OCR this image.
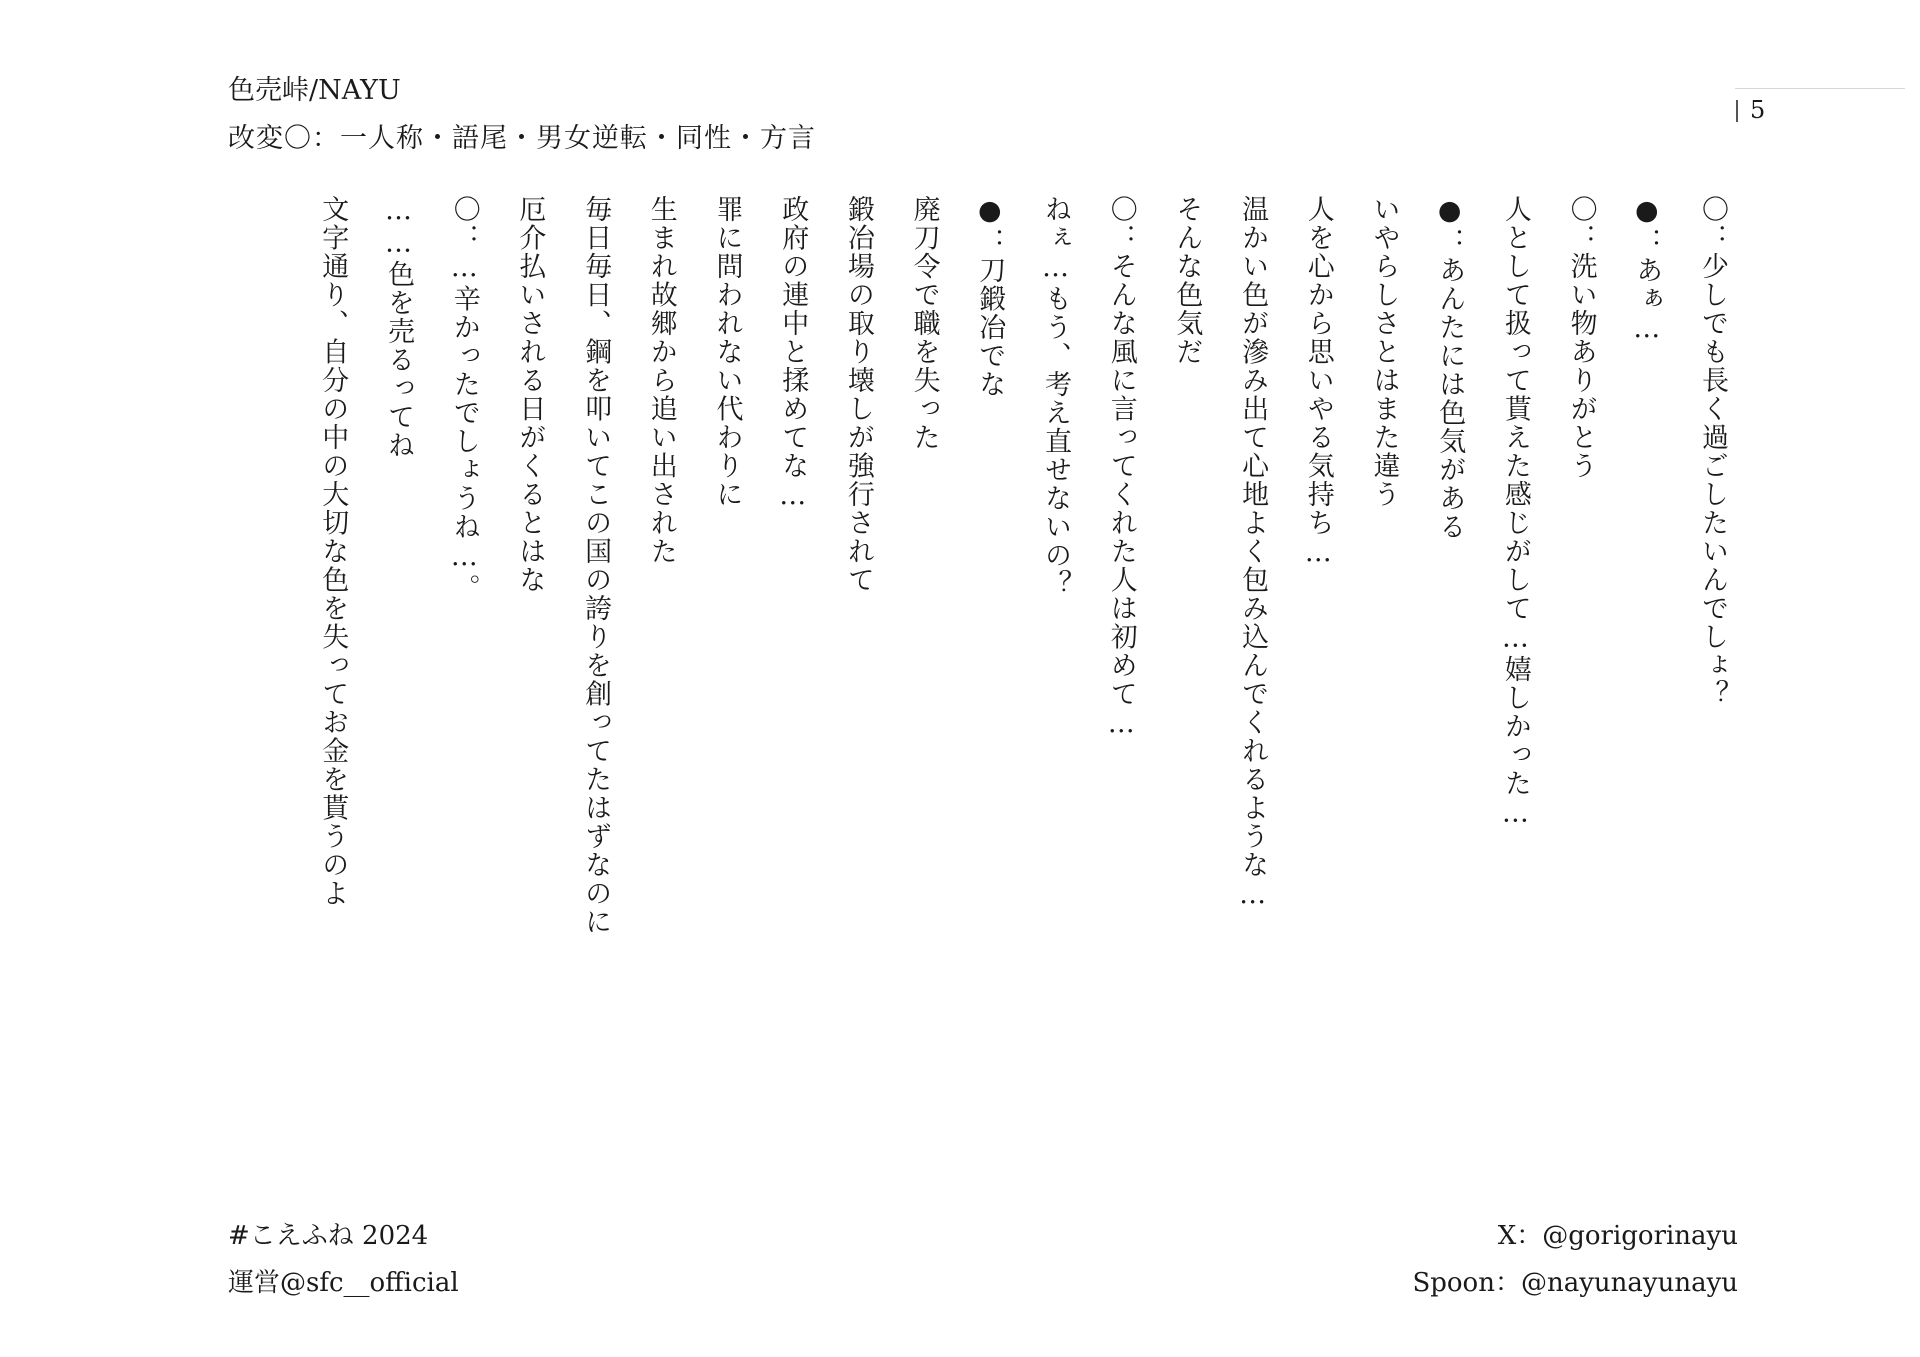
色売峠/NAYU
改変〇：一人称・語尾・男女逆転・同性・方言
5
〇：少しでも長く過ごしたいんでしょ？
●：あぁ…
〇：洗い物ありがとう
人として扱って貰えた感じがして…嬉しかった…
●：あんたには色気がある
いやらしさとはまた違う
人を心から思いやる気持ち…
温かい色が滲み出て心地よく包み込んでくれるような…
そんな色気だ
〇：そんな風に言ってくれた人は初めて…
ねぇ…もう、考え直せないの？
●：刀鍛冶でな
廃刀令で職を失った
鍛冶場の取り壊しが強行されて
政府の連中と揉めてな…
罪に問われない代わりに
生まれ故郷から追い出された
毎日毎日、鋼を叩いてこの国の誇りを創ってたはずなのに
厄介払いされる日がくるとはな
〇：…辛かったでしょうね…。
……色を売るってね
文字通り、自分の中の大切な色を失ってお金を貰うのよ
#こえふね 2024
運営@sfc__official
X：@gorigorinayu
Spoon：@nayunayunayu
